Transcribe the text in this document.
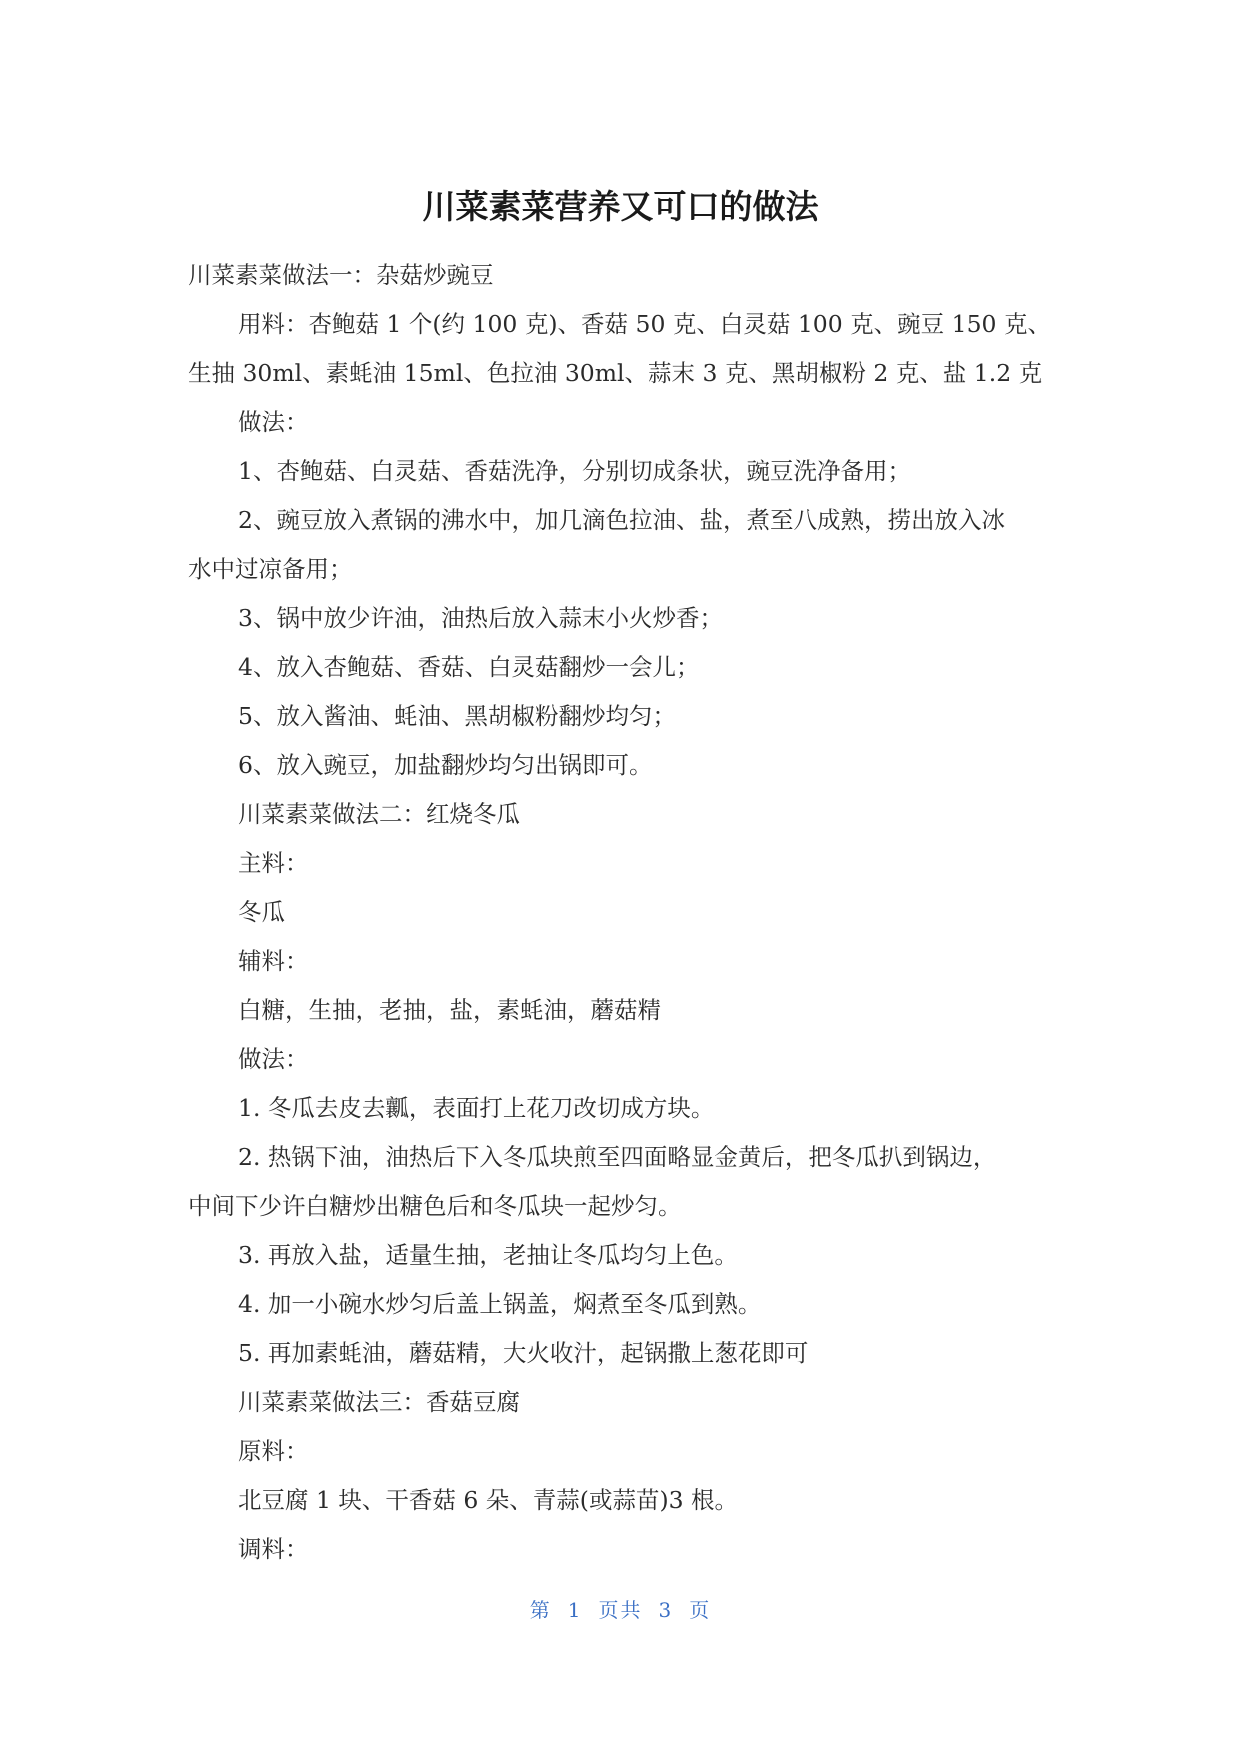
川菜素菜营养又可口的做法

川菜素菜做法一：杂菇炒豌豆

用料：杏鲍菇 1 个(约 100 克)、香菇 50 克、白灵菇 100 克、豌豆 150 克、

生抽 30ml、素蚝油 15ml、色拉油 30ml、蒜末 3 克、黑胡椒粉 2 克、盐 1.2 克

做法：

1、杏鲍菇、白灵菇、香菇洗净，分别切成条状，豌豆洗净备用；

2、豌豆放入煮锅的沸水中，加几滴色拉油、盐，煮至八成熟，捞出放入冰

水中过凉备用；

3、锅中放少许油，油热后放入蒜末小火炒香；

4、放入杏鲍菇、香菇、白灵菇翻炒一会儿；

5、放入酱油、蚝油、黑胡椒粉翻炒均匀；

6、放入豌豆，加盐翻炒均匀出锅即可。

川菜素菜做法二：红烧冬瓜

主料：

冬瓜

辅料：

白糖，生抽，老抽，盐，素蚝油，蘑菇精

做法：

1. 冬瓜去皮去瓤，表面打上花刀改切成方块。

2. 热锅下油，油热后下入冬瓜块煎至四面略显金黄后，把冬瓜扒到锅边，

中间下少许白糖炒出糖色后和冬瓜块一起炒匀。

3. 再放入盐，适量生抽，老抽让冬瓜均匀上色。

4. 加一小碗水炒匀后盖上锅盖，焖煮至冬瓜到熟。

5. 再加素蚝油，蘑菇精，大火收汁，起锅撒上葱花即可

川菜素菜做法三：香菇豆腐

原料：

北豆腐 1 块、干香菇 6 朵、青蒜(或蒜苗)3 根。

调料：

第 1 页共 3 页
